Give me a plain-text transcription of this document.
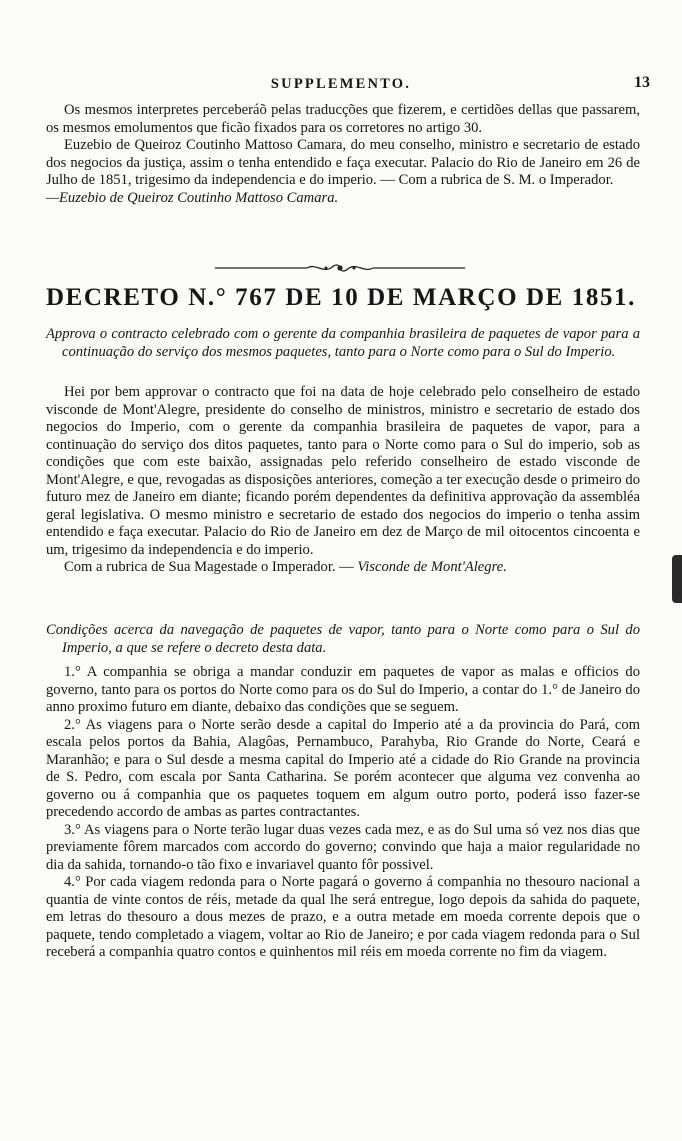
SUPPLEMENTO.	13

Os mesmos interpretes perceberáõ pelas traducções que fizerem, e certidões dellas que passarem, os mesmos emolumentos que ficão fixados para os corretores no artigo 30.

Euzebio de Queiroz Coutinho Mattoso Camara, do meu conselho, ministro e secretario de estado dos negocios da justiça, assim o tenha entendido e faça executar. Palacio do Rio de Janeiro em 26 de Julho de 1851, trigesimo da independencia e do imperio. — Com a rubrica de S. M. o Imperador.

—Euzebio de Queiroz Coutinho Mattoso Camara.

DECRETO N.° 767 DE 10 DE MARÇO DE 1851.

Approva o contracto celebrado com o gerente da companhia brasileira de paquetes de vapor para a continuação do serviço dos mesmos paquetes, tanto para o Norte como para o Sul do Imperio.

Hei por bem approvar o contracto que foi na data de hoje celebrado pelo conselheiro de estado visconde de Mont'Alegre, presidente do conselho de ministros, ministro e secretario de estado dos negocios do Imperio, com o gerente da companhia brasileira de paquetes de vapor, para a continuação do serviço dos ditos paquetes, tanto para o Norte como para o Sul do imperio, sob as condições que com este baixão, assignadas pelo referido conselheiro de estado visconde de Mont'Alegre, e que, revogadas as disposições anteriores, começão a ter execução desde o primeiro do futuro mez de Janeiro em diante; ficando porém dependentes da definitiva approvação da assembléa geral legislativa. O mesmo ministro e secretario de estado dos negocios do imperio o tenha assim entendido e faça executar. Palacio do Rio de Janeiro em dez de Março de mil oitocentos cincoenta e um, trigesimo da independencia e do imperio.

Com a rubrica de Sua Magestade o Imperador. — Visconde de Mont'Alegre.

Condições acerca da navegação de paquetes de vapor, tanto para o Norte como para o Sul do Imperio, a que se refere o decreto desta data.

1.° A companhia se obriga a mandar conduzir em paquetes de vapor as malas e officios do governo, tanto para os portos do Norte como para os do Sul do Imperio, a contar do 1.° de Janeiro do anno proximo futuro em diante, debaixo das condições que se seguem.

2.° As viagens para o Norte serão desde a capital do Imperio até a da provincia do Pará, com escala pelos portos da Bahia, Alagôas, Pernambuco, Parahyba, Rio Grande do Norte, Ceará e Maranhão; e para o Sul desde a mesma capital do Imperio até a cidade do Rio Grande na provincia de S. Pedro, com escala por Santa Catharina. Se porém acontecer que alguma vez convenha ao governo ou á companhia que os paquetes toquem em algum outro porto, poderá isso fazer-se precedendo accordo de ambas as partes contractantes.

3.° As viagens para o Norte terão lugar duas vezes cada mez, e as do Sul uma só vez nos dias que previamente fôrem marcados com accordo do governo; convindo que haja a maior regularidade no dia da sahida, tornando-o tão fixo e invariavel quanto fôr possivel.

4.° Por cada viagem redonda para o Norte pagará o governo á companhia no thesouro nacional a quantia de vinte contos de réis, metade da qual lhe será entregue, logo depois da sahida do paquete, em letras do thesouro a dous mezes de prazo, e a outra metade em moeda corrente depois que o paquete, tendo completado a viagem, voltar ao Rio de Janeiro; e por cada viagem redonda para o Sul receberá a companhia quatro contos e quinhentos mil réis em moeda corrente no fim da viagem.
